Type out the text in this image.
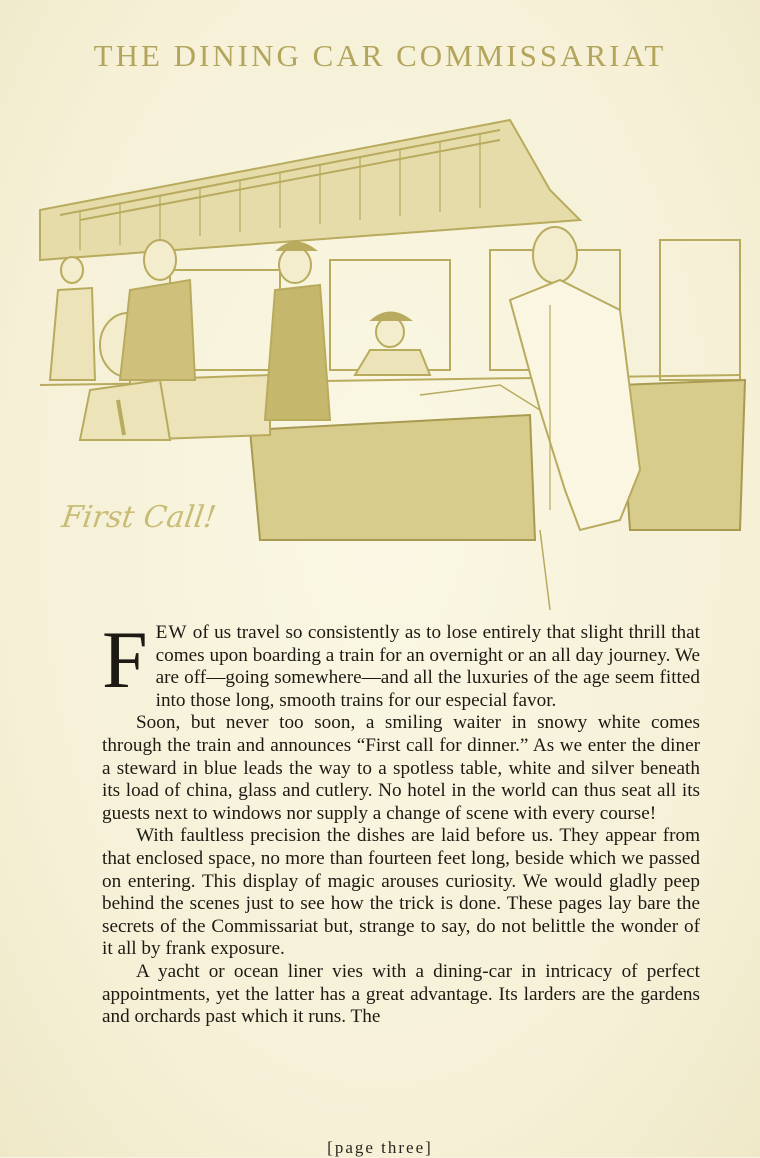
THE DINING CAR COMMISSARIAT
First Call!

FEW of us travel so consistently as to lose entirely that slight thrill that comes upon boarding a train for an overnight or an all day journey. We are off—going somewhere—and all the luxuries of the age seem fitted into those long, smooth trains for our especial favor.

Soon, but never too soon, a smiling waiter in snowy white comes through the train and announces “First call for dinner.” As we enter the diner a steward in blue leads the way to a spotless table, white and silver beneath its load of china, glass and cutlery. No hotel in the world can thus seat all its guests next to windows nor supply a change of scene with every course!

With faultless precision the dishes are laid before us. They appear from that enclosed space, no more than fourteen feet long, beside which we passed on entering. This display of magic arouses curiosity. We would gladly peep behind the scenes just to see how the trick is done. These pages lay bare the secrets of the Commissariat but, strange to say, do not belittle the wonder of it all by frank exposure.

A yacht or ocean liner vies with a dining-car in intricacy of perfect appointments, yet the latter has a great advantage. Its larders are the gardens and orchards past which it runs. The

[page three]
